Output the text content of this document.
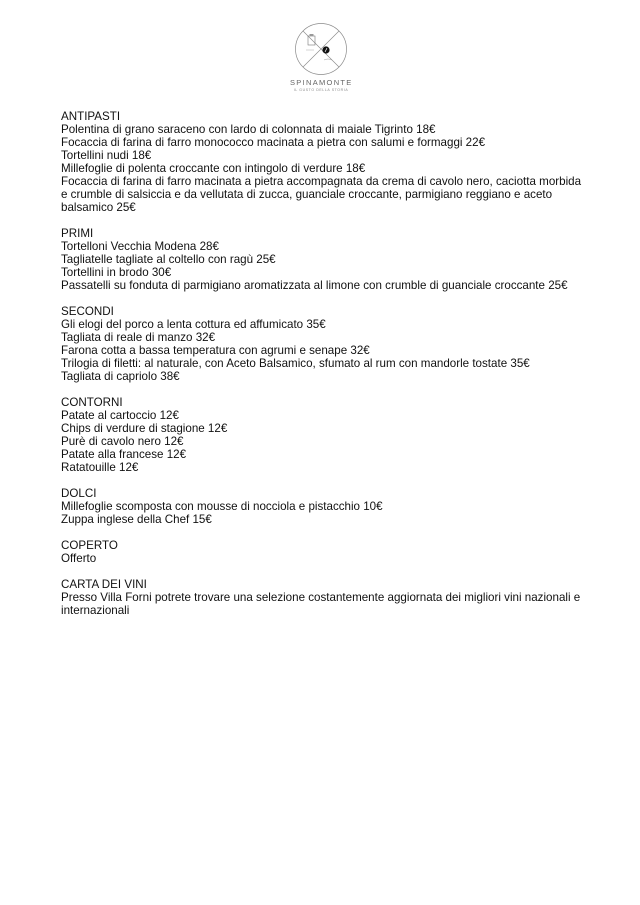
SPINAMONTE
IL GUSTO DELLA STORIA
ANTIPASTI
Polentina di grano saraceno con lardo di colonnata di maiale Tigrinto 18€
Focaccia di farina di farro monococco macinata a pietra con salumi e formaggi 22€
Tortellini nudi 18€
Millefoglie di polenta croccante con intingolo di verdure 18€
Focaccia di farina di farro macinata a pietra accompagnata da crema di cavolo nero, caciotta morbida e crumble di salsiccia e da vellutata di zucca, guanciale croccante, parmigiano reggiano e aceto balsamico 25€
PRIMI
Tortelloni Vecchia Modena 28€
Tagliatelle tagliate al coltello con ragù 25€
Tortellini in brodo 30€
Passatelli su fonduta di parmigiano aromatizzata al limone con crumble di guanciale croccante 25€
SECONDI
Gli elogi del porco a lenta cottura ed affumicato 35€
Tagliata di reale di manzo 32€
Farona cotta a bassa temperatura con agrumi e senape 32€
Trilogia di filetti: al naturale, con Aceto Balsamico, sfumato al rum con mandorle tostate 35€
Tagliata di capriolo 38€
CONTORNI
Patate al cartoccio 12€
Chips di verdure di stagione 12€
Purè di cavolo nero 12€
Patate alla francese 12€
Ratatouille 12€
DOLCI
Millefoglie scomposta con mousse di nocciola e pistacchio 10€
Zuppa inglese della Chef 15€
COPERTO
Offerto
CARTA DEI VINI
Presso Villa Forni potrete trovare una selezione costantemente aggiornata dei migliori vini nazionali e internazionali
